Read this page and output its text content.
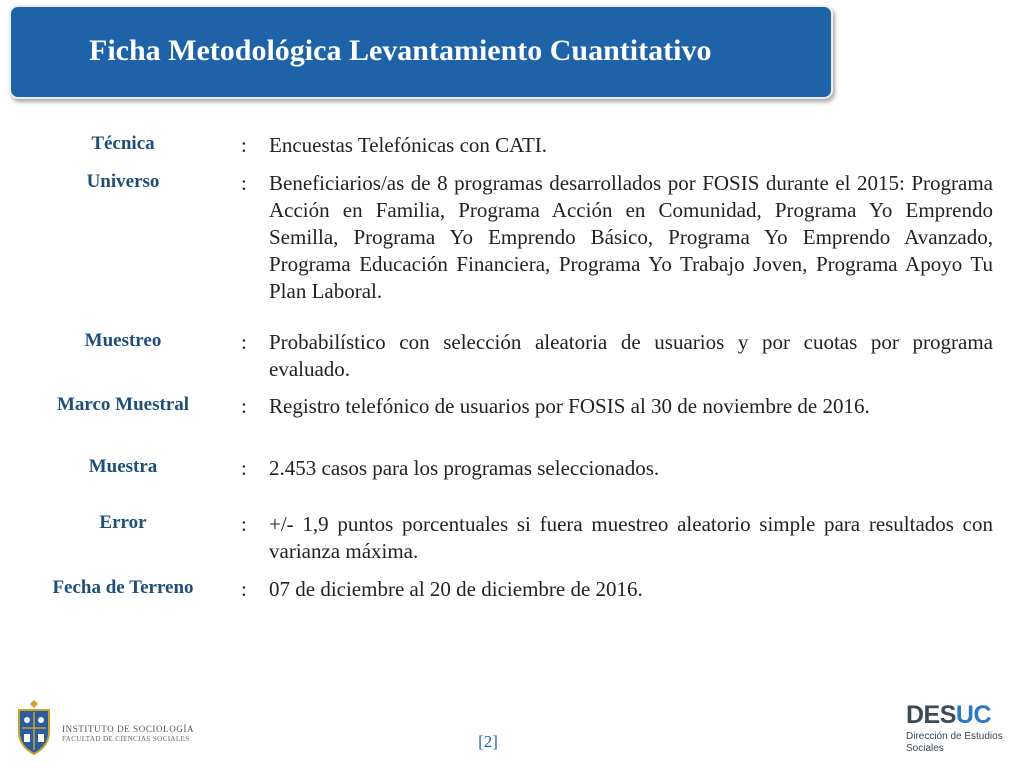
Ficha Metodológica Levantamiento Cuantitativo
Técnica	: Encuestas Telefónicas con CATI.
Universo	: Beneficiarios/as de 8 programas desarrollados por FOSIS durante el 2015: Programa Acción en Familia, Programa Acción en Comunidad, Programa Yo Emprendo Semilla, Programa Yo Emprendo Básico, Programa Yo Emprendo Avanzado, Programa Educación Financiera, Programa Yo Trabajo Joven, Programa Apoyo Tu Plan Laboral.
Muestreo	: Probabilístico con selección aleatoria de usuarios y por cuotas por programa evaluado.
Marco Muestral	: Registro telefónico de usuarios por FOSIS al 30 de noviembre de 2016.
Muestra	: 2.453 casos para los programas seleccionados.
Error	: +/- 1,9 puntos porcentuales si fuera muestreo aleatorio simple para resultados con varianza máxima.
Fecha de Terreno	: 07 de diciembre al 20 de diciembre de 2016.
INSTITUTO DE SOCIOLOGÍA
FACULTAD DE CIENCIAS SOCIALES	[2]
DESUC
Dirección de Estudios
Sociales
